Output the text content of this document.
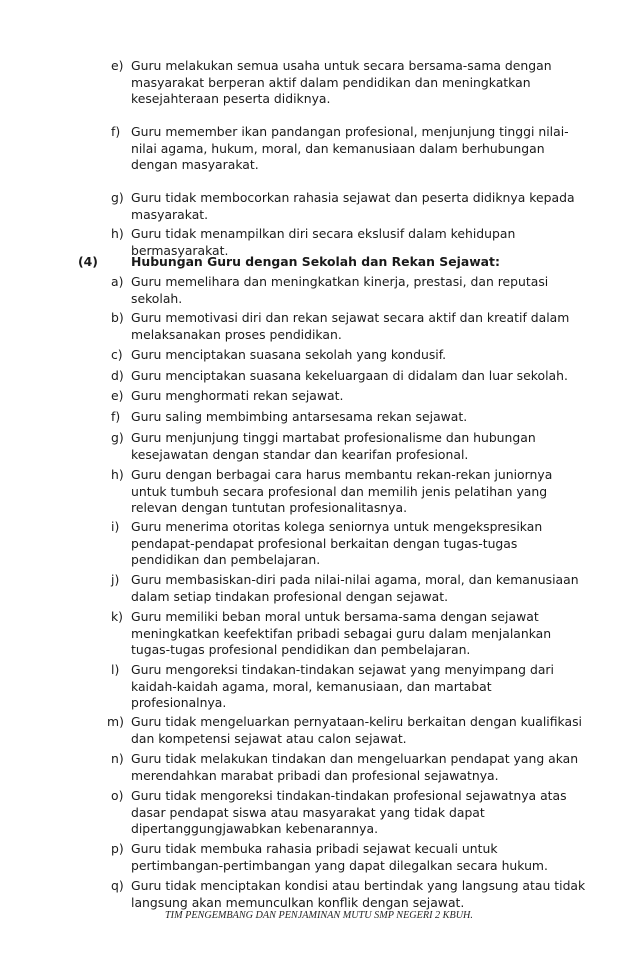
e) Guru melakukan semua usaha untuk secara bersama-sama dengan masyarakat berperan aktif dalam pendidikan dan meningkatkan kesejahteraan peserta didiknya.
f) Guru memember ikan pandangan profesional, menjunjung tinggi nilai-nilai agama, hukum, moral, dan kemanusiaan dalam berhubungan dengan masyarakat.
g) Guru tidak membocorkan rahasia sejawat dan peserta didiknya kepada masyarakat.
h) Guru tidak menampilkan diri secara ekslusif dalam kehidupan bermasyarakat.
(4)	Hubungan Guru dengan Sekolah dan Rekan Sejawat:
a) Guru memelihara dan meningkatkan kinerja, prestasi, dan reputasi sekolah.
b) Guru memotivasi diri dan rekan sejawat secara aktif dan kreatif dalam melaksanakan proses pendidikan.
c) Guru menciptakan suasana sekolah yang kondusif.
d) Guru menciptakan suasana kekeluargaan di didalam dan luar sekolah.
e) Guru menghormati rekan sejawat.
f) Guru saling membimbing antarsesama rekan sejawat.
g) Guru menjunjung tinggi martabat profesionalisme dan hubungan kesejawatan dengan standar dan kearifan profesional.
h) Guru dengan berbagai cara harus membantu rekan-rekan juniornya untuk tumbuh secara profesional dan memilih jenis pelatihan yang relevan dengan tuntutan profesionalitasnya.
i) Guru menerima otoritas kolega seniornya untuk mengekspresikan pendapat-pendapat profesional berkaitan dengan tugas-tugas pendidikan dan pembelajaran.
j) Guru membasiskan-diri pada nilai-nilai agama, moral, dan kemanusiaan dalam setiap tindakan profesional dengan sejawat.
k) Guru memiliki beban moral untuk bersama-sama dengan sejawat meningkatkan keefektifan pribadi sebagai guru dalam menjalankan tugas-tugas profesional pendidikan dan pembelajaran.
l) Guru mengoreksi tindakan-tindakan sejawat yang menyimpang dari kaidah-kaidah agama, moral, kemanusiaan, dan martabat profesionalnya.
m) Guru tidak mengeluarkan pernyataan-keliru berkaitan dengan kualifikasi dan kompetensi sejawat atau calon sejawat.
n) Guru tidak melakukan tindakan dan mengeluarkan pendapat yang akan merendahkan marabat pribadi dan profesional sejawatnya.
o) Guru tidak mengoreksi tindakan-tindakan profesional sejawatnya atas dasar pendapat siswa atau masyarakat yang tidak dapat dipertanggungjawabkan kebenarannya.
p) Guru tidak membuka rahasia pribadi sejawat kecuali untuk pertimbangan-pertimbangan yang dapat dilegalkan secara hukum.
q) Guru tidak menciptakan kondisi atau bertindak yang langsung atau tidak langsung akan memunculkan konflik dengan sejawat.
TIM PENGEMBANG DAN PENJAMINAN MUTU SMP NEGERI 2 KBUH.
